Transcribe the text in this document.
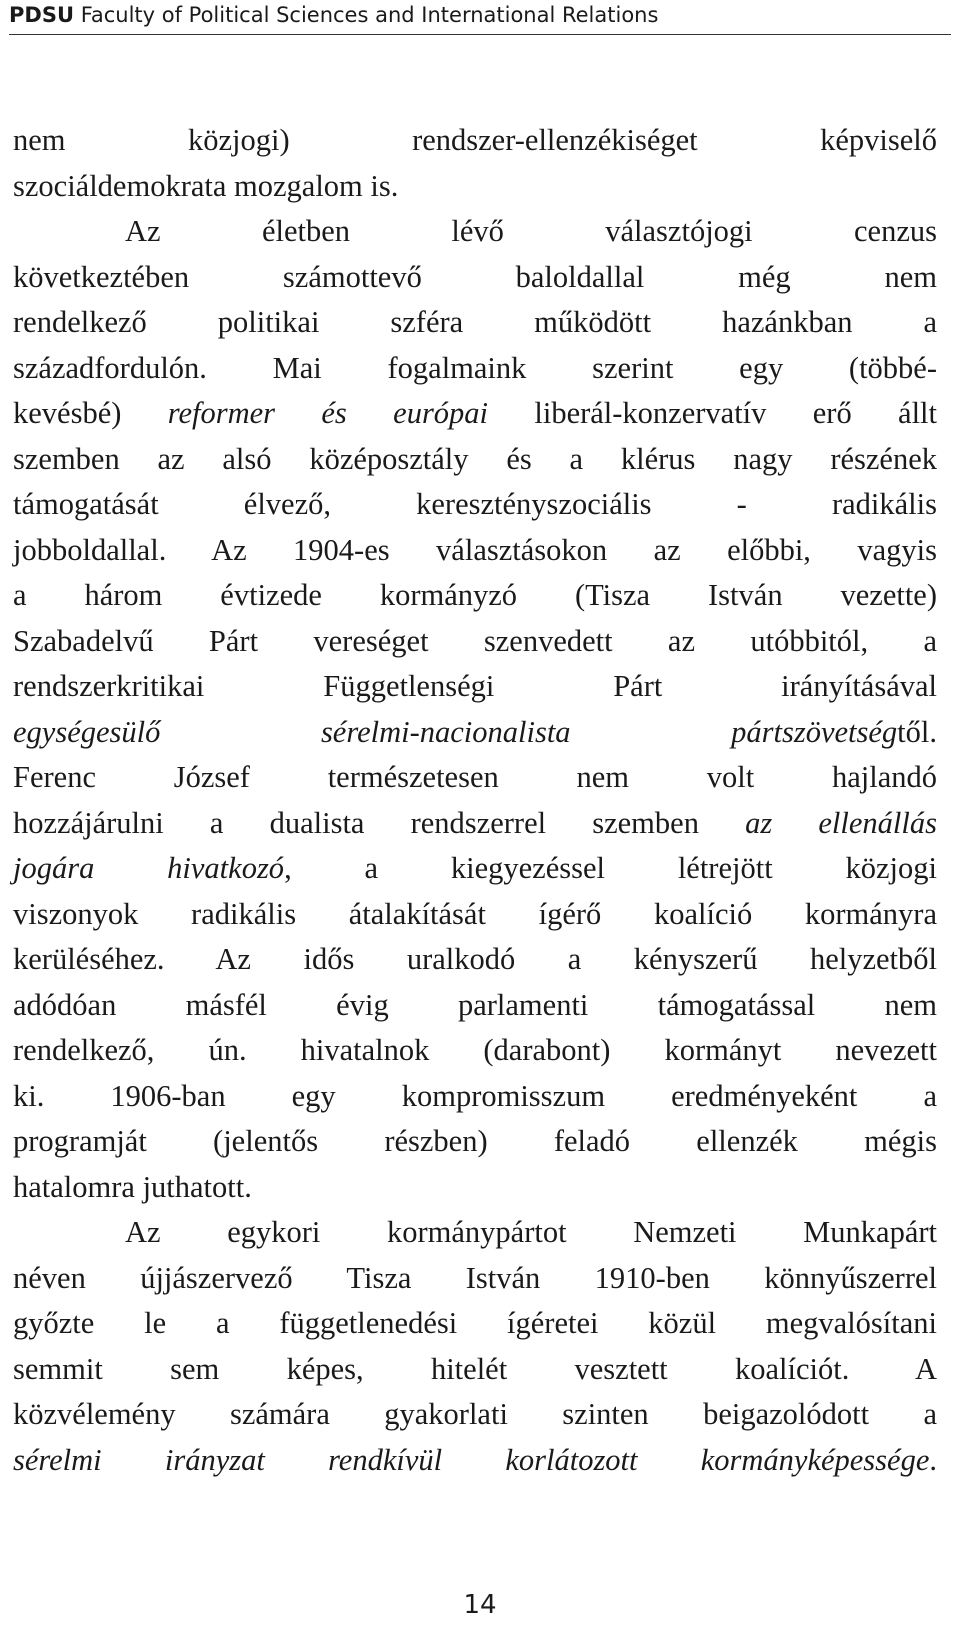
PDSU Faculty of Political Sciences and International Relations
nem közjogi) rendszer-ellenzékiséget képviselő
szociáldemokrata mozgalom is.
Az életben lévő választójogi cenzus
következtében számottevő baloldallal még nem
rendelkező politikai szféra működött hazánkban a
századfordulón. Mai fogalmaink szerint egy (többé-
kevésbé) reformer és európai liberál-konzervatív erő állt
szemben az alsó középosztály és a klérus nagy részének
támogatását élvező, keresztényszociális - radikális
jobboldallal. Az 1904-es választásokon az előbbi, vagyis
a három évtizede kormányzó (Tisza István vezette)
Szabadelvű Párt vereséget szenvedett az utóbbitól, a
rendszerkritikai Függetlenségi Párt irányításával
egységesülő sérelmi-nacionalista pártszövetségtől.
Ferenc József természetesen nem volt hajlandó
hozzájárulni a dualista rendszerrel szemben az ellenállás
jogára hivatkozó, a kiegyezéssel létrejött közjogi
viszonyok radikális átalakítását ígérő koalíció kormányra
kerüléséhez. Az idős uralkodó a kényszerű helyzetből
adódóan másfél évig parlamenti támogatással nem
rendelkező, ún. hivatalnok (darabont) kormányt nevezett
ki. 1906-ban egy kompromisszum eredményeként a
programját (jelentős részben) feladó ellenzék mégis
hatalomra juthatott.
Az egykori kormánypártot Nemzeti Munkapárt
néven újjászervező Tisza István 1910-ben könnyűszerrel
győzte le a függetlenedési ígéretei közül megvalósítani
semmit sem képes, hitelét vesztett koalíciót. A
közvélemény számára gyakorlati szinten beigazolódott a
sérelmi irányzat rendkívül korlátozott kormányképessége.
14
